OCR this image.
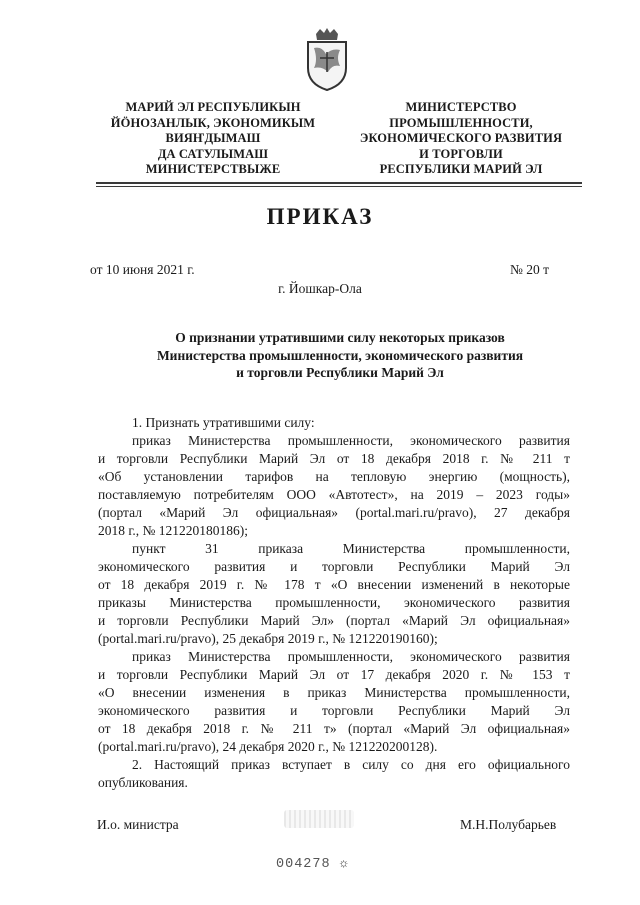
МАРИЙ ЭЛ РЕСПУБЛИКЫН
ЙÖНОЗАНЛЫК, ЭКОНОМИКЫМ
ВИЯҤДЫМАШ
ДА САТУЛЫМАШ
МИНИСТЕРСТВЫЖЕ
МИНИСТЕРСТВО
ПРОМЫШЛЕННОСТИ,
ЭКОНОМИЧЕСКОГО РАЗВИТИЯ
И ТОРГОВЛИ
РЕСПУБЛИКИ МАРИЙ ЭЛ
ПРИКАЗ
от 10 июня 2021 г.	№ 20 т
г. Йошкар-Ола
О признании утратившими силу некоторых приказов
Министерства промышленности, экономического развития
и торговли Республики Марий Эл
1. Признать утратившими силу:
приказ Министерства промышленности, экономического развития
и торговли Республики Марий Эл от 18 декабря 2018 г. № 211 т
«Об установлении тарифов на тепловую энергию (мощность),
поставляемую потребителям ООО «Автотест», на 2019 – 2023 годы»
(портал «Марий Эл официальная» (portal.mari.ru/pravo), 27 декабря
2018 г., № 121220180186);
пункт 31 приказа Министерства промышленности,
экономического развития и торговли Республики Марий Эл
от 18 декабря 2019 г. № 178 т «О внесении изменений в некоторые
приказы Министерства промышленности, экономического развития
и торговли Республики Марий Эл» (портал «Марий Эл официальная»
(portal.mari.ru/pravo), 25 декабря 2019 г., № 121220190160);
приказ Министерства промышленности, экономического развития
и торговли Республики Марий Эл от 17 декабря 2020 г. № 153 т
«О внесении изменения в приказ Министерства промышленности,
экономического развития и торговли Республики Марий Эл
от 18 декабря 2018 г. № 211 т» (портал «Марий Эл официальная»
(portal.mari.ru/pravo), 24 декабря 2020 г., № 121220200128).
2. Настоящий приказ вступает в силу со дня его официального
опубликования.
И.о. министра	М.Н.Полубарьев
004278 ☼
